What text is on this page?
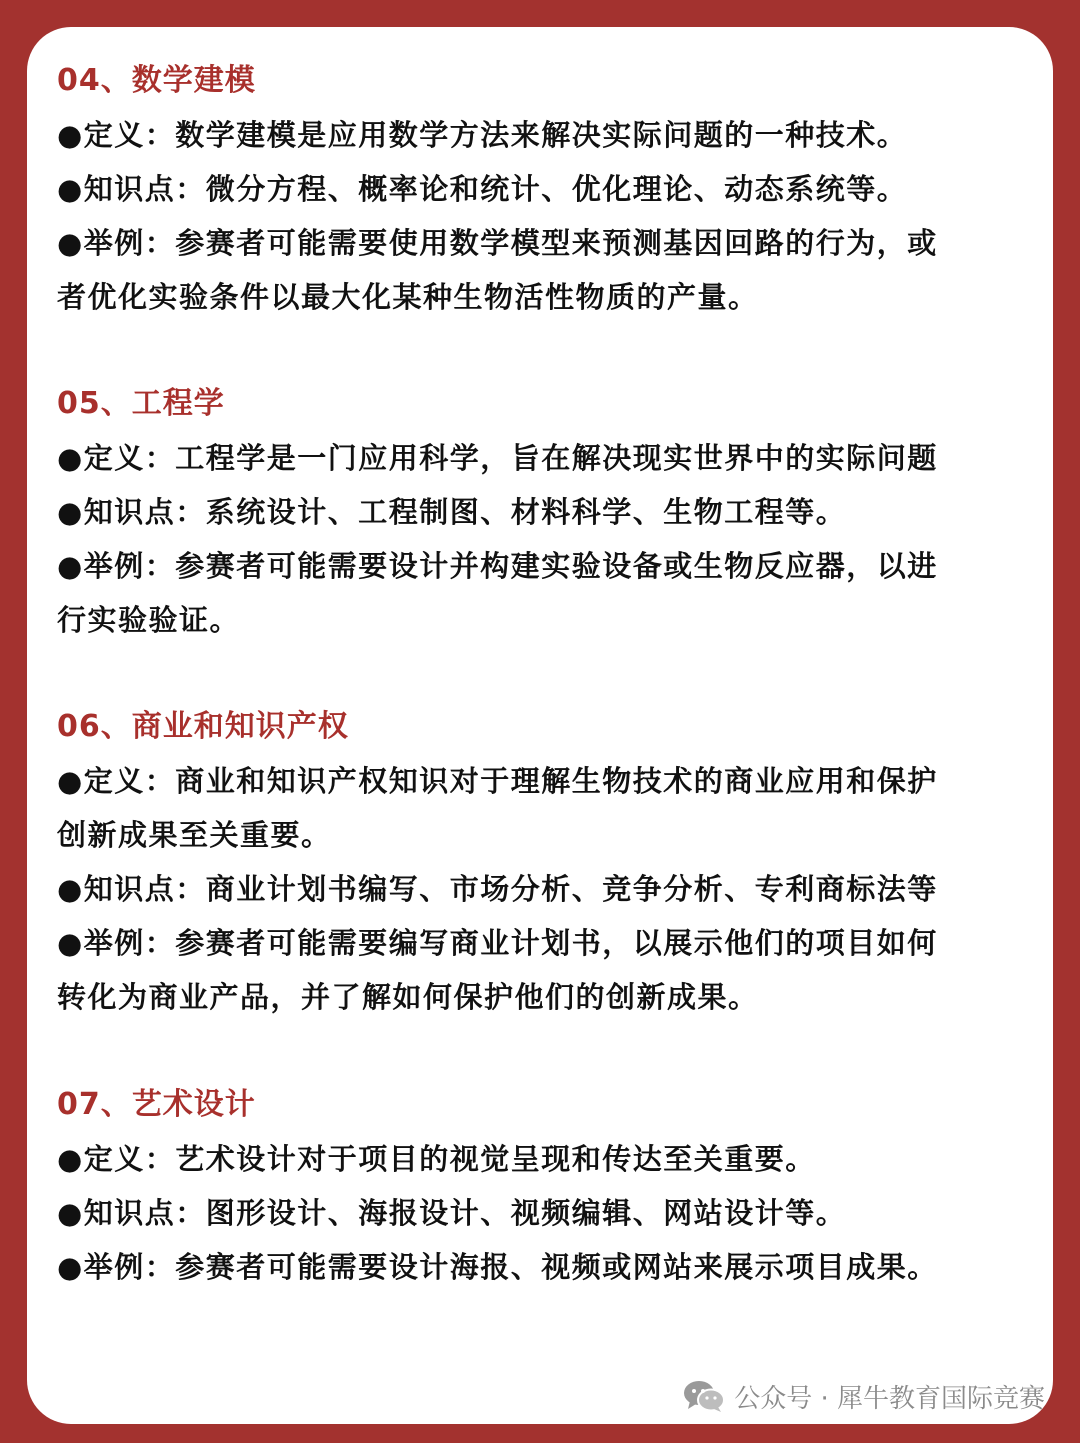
04、数学建模
●定义：数学建模是应用数学方法来解决实际问题的一种技术。
●知识点：微分方程、概率论和统计、优化理论、动态系统等。
●举例：参赛者可能需要使用数学模型来预测基因回路的行为，或
者优化实验条件以最大化某种生物活性物质的产量。
05、工程学
●定义：工程学是一门应用科学，旨在解决现实世界中的实际问题
●知识点：系统设计、工程制图、材料科学、生物工程等。
●举例：参赛者可能需要设计并构建实验设备或生物反应器，以进
行实验验证。
06、商业和知识产权
●定义：商业和知识产权知识对于理解生物技术的商业应用和保护
创新成果至关重要。
●知识点：商业计划书编写、市场分析、竞争分析、专利商标法等
●举例：参赛者可能需要编写商业计划书，以展示他们的项目如何
转化为商业产品，并了解如何保护他们的创新成果。
07、艺术设计
●定义：艺术设计对于项目的视觉呈现和传达至关重要。
●知识点：图形设计、海报设计、视频编辑、网站设计等。
●举例：参赛者可能需要设计海报、视频或网站来展示项目成果。
公众号 · 犀牛教育国际竞赛
